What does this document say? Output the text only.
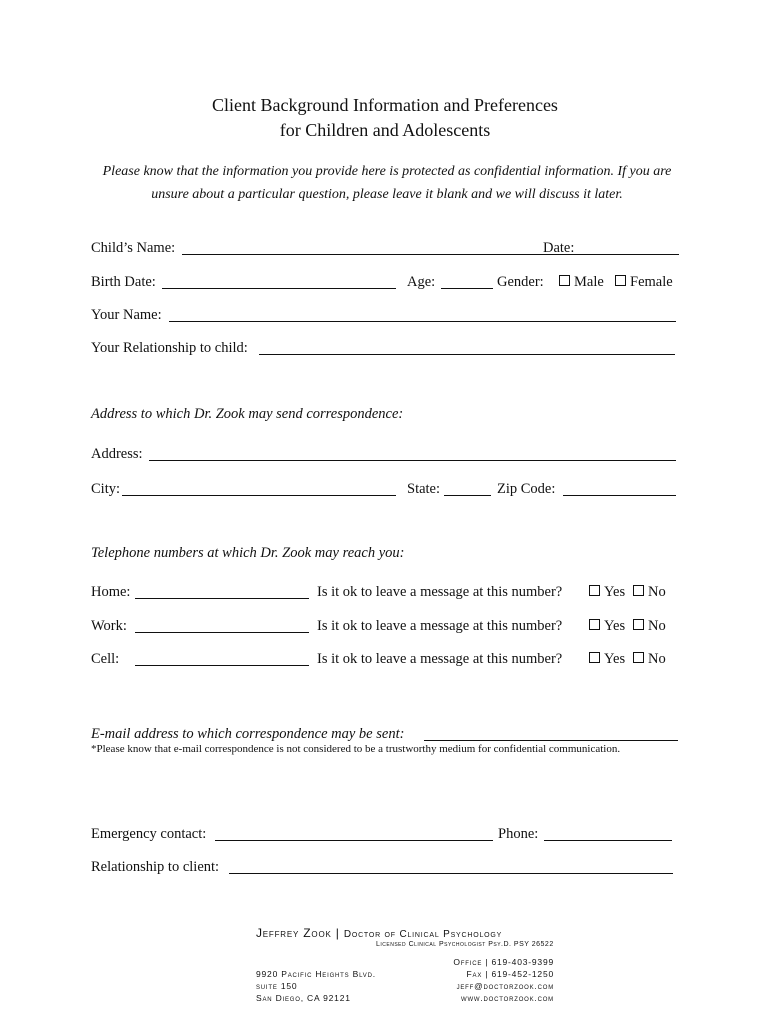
Client Background Information and Preferences
for Children and Adolescents
Please know that the information you provide here is protected as confidential information. If you are unsure about a particular question, please leave it blank and we will discuss it later.
Child’s Name:	Date:
Birth Date:	Age:	Gender:	Male	Female
Your Name:
Your Relationship to child:
Address to which Dr. Zook may send correspondence:
Address:
City:	State:	Zip Code:
Telephone numbers at which Dr. Zook may reach you:
Home:	Is it ok to leave a message at this number?	Yes	No
Work:	Is it ok to leave a message at this number?	Yes	No
Cell:	Is it ok to leave a message at this number?	Yes	No
E-mail address to which correspondence may be sent:
*Please know that e-mail correspondence is not considered to be a trustworthy medium for confidential communication.
Emergency contact:	Phone:
Relationship to client:
Jeffrey Zook | Doctor of Clinical Psychology
Licensed Clinical Psychologist Psy.D. PSY 26522
9920 Pacific Heights Blvd.
suite 150
San Diego, CA 92121
Office | 619-403-9399
Fax | 619-452-1250
jeff@doctorzook.com
www.doctorzook.com
